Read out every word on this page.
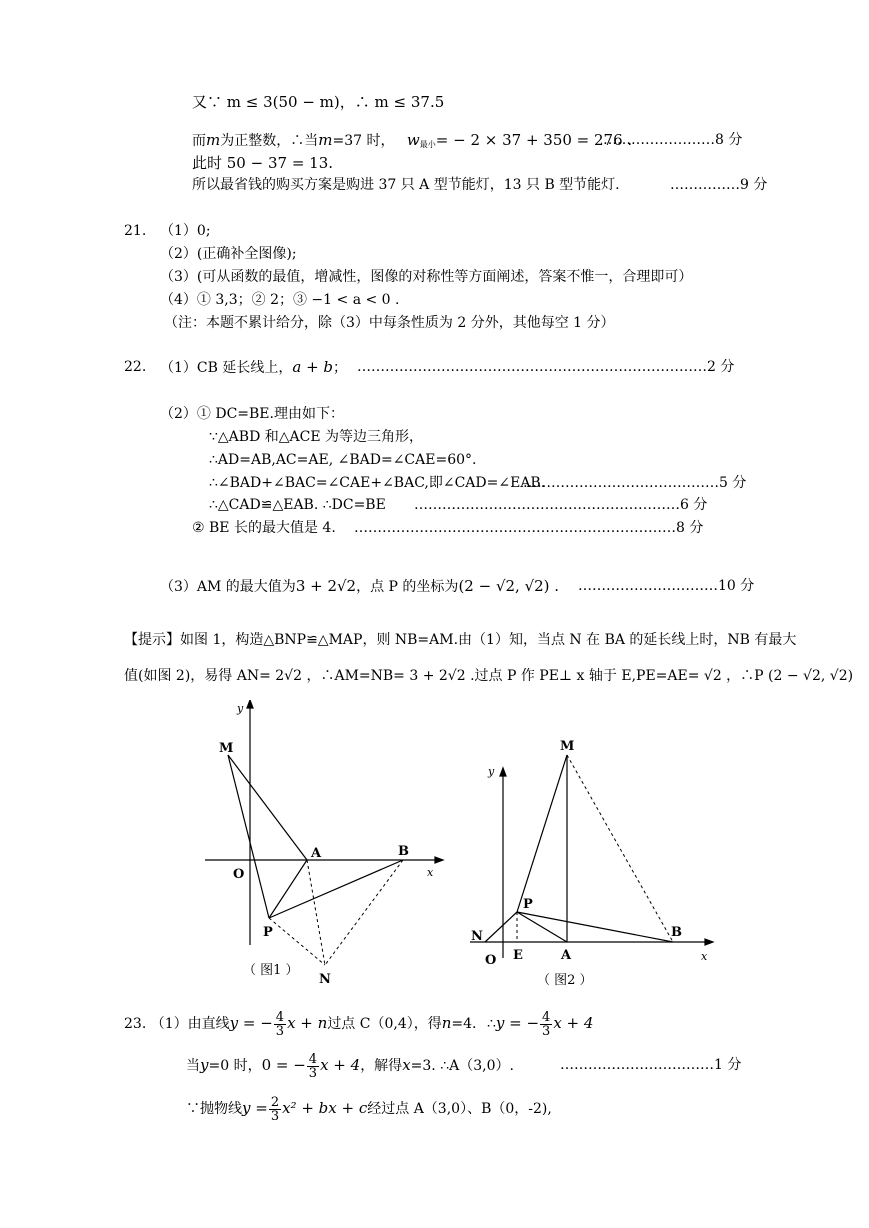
又∵ m ≤ 3(50 − m)，∴ m ≤ 37.5
而m为正整数，∴当m=37 时， $w_{最小}= - 2 \times 37 + 350 = 276$ .
……………………8 分
此时 50 − 37 = 13.
所以最省钱的购买方案是购进 37 只 A 型节能灯，13 只 B 型节能灯.	……………9 分
21. （1）0;
（2）(正确补全图像);
（3）(可从函数的最值，增减性，图像的对称性等方面阐述，答案不惟一，合理即可）
（4）① 3,3；② 2；③ −1 < a < 0 .
（注：本题不累计给分，除（3）中每条性质为 2 分外，其他每空 1 分）
22. （1）CB 延长线上，a + b； …………………………………………………………………2 分
（2）① DC=BE.理由如下：
∵△ABD 和△ACE 为等边三角形，
∴AD=AB,AC=AE, ∠BAD=∠CAE=60°.
∴∠BAD+∠BAC=∠CAE+∠BAC,即∠CAD=∠EAB.
……………………………………5 分
∴△CAD≌△EAB. ∴DC=BE …………………………………………………6 分
② BE 长的最大值是 4. ……………………………………………………………8 分
（3）AM 的最大值为3 + 2√2，点 P 的坐标为(2 − √2, √2) . …………………………10 分
【提示】如图 1，构造△BNP≌△MAP，则 NB=AM.由（1）知，当点 N 在 BA 的延长线上时，NB 有最大
值(如图 2)，易得 AN= 2√2 ，∴AM=NB= 3 + 2√2 .过点 P 作 PE⊥ x 轴于 E,PE=AE= √2 ，∴P (2 − √2, √2)
M
A	B
O
P
N
x
y
（ 图1 ）
M
P
N
O E	A
B
x
y
（ 图2 ）
23. （1）由直线y = − $\frac{4}{3}$ x + n过点 C（0,4），得n=4. ∴y = − $\frac{4}{3}$ x + 4
当y=0 时，0 = − $\frac{4}{3}$ x + 4，解得x=3. ∴A（3,0）.	……………………………1 分
∵抛物线$y = \frac{2}{3} x^2$ + bx + c经过点 A（3,0）、B（0，-2),
